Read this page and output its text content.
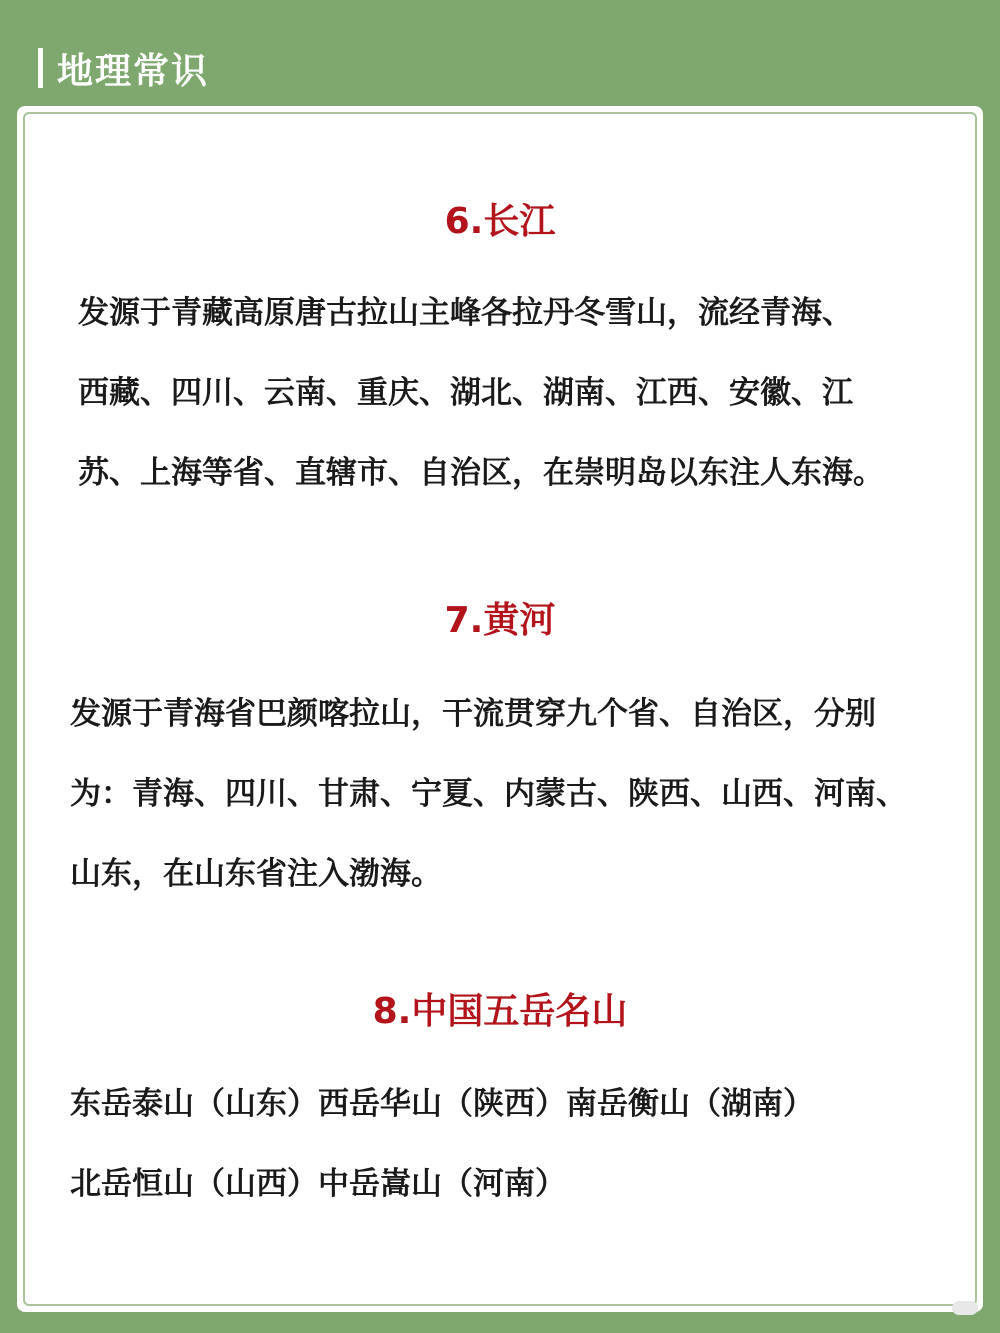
地理常识
6.长江
发源于青藏高原唐古拉山主峰各拉丹冬雪山，流经青海、
西藏、四川、云南、重庆、湖北、湖南、江西、安徽、江
苏、上海等省、直辖市、自治区，在崇明岛以东注人东海。
7.黄河
发源于青海省巴颜喀拉山，干流贯穿九个省、自治区，分别
为：青海、四川、甘肃、宁夏、内蒙古、陕西、山西、河南、
山东，在山东省注入渤海。
8.中国五岳名山
东岳泰山（山东）西岳华山（陕西）南岳衡山（湖南）
北岳恒山（山西）中岳嵩山（河南）
